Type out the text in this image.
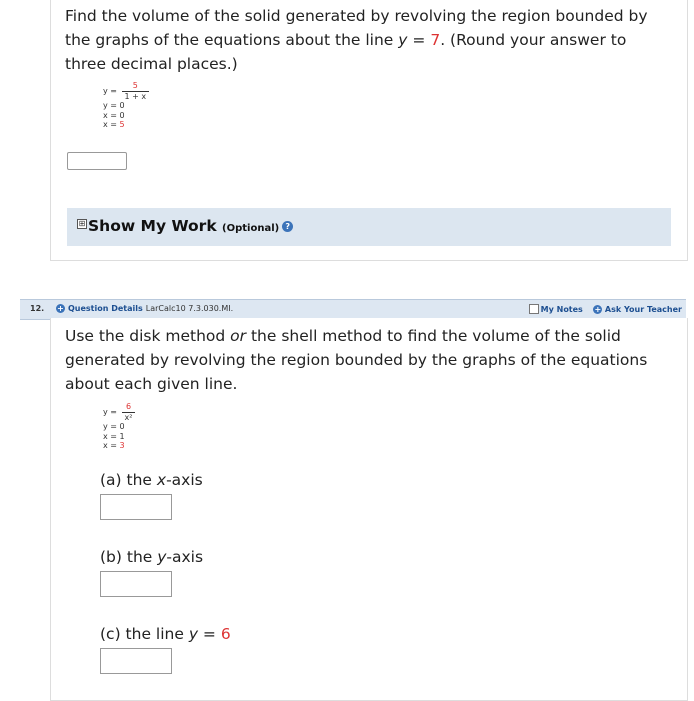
Find the volume of the solid generated by revolving the region bounded by
the graphs of the equations about the line y = 7. (Round your answer to
three decimal places.)
$y = \frac{5}{1 + x}$
y = 0
x = 0
x = 5
⊞ Show My Work (Optional) ?
12. + Question Details LarCalc10 7.3.030.MI.	My Notes + Ask Your Teacher
Use the disk method or the shell method to find the volume of the solid
generated by revolving the region bounded by the graphs of the equations
about each given line.
$y = \frac{6}{\text{x²}}$
y = 0
x = 1
x = 3
(a) the x-axis
(b) the y-axis
(c) the line y = 6
